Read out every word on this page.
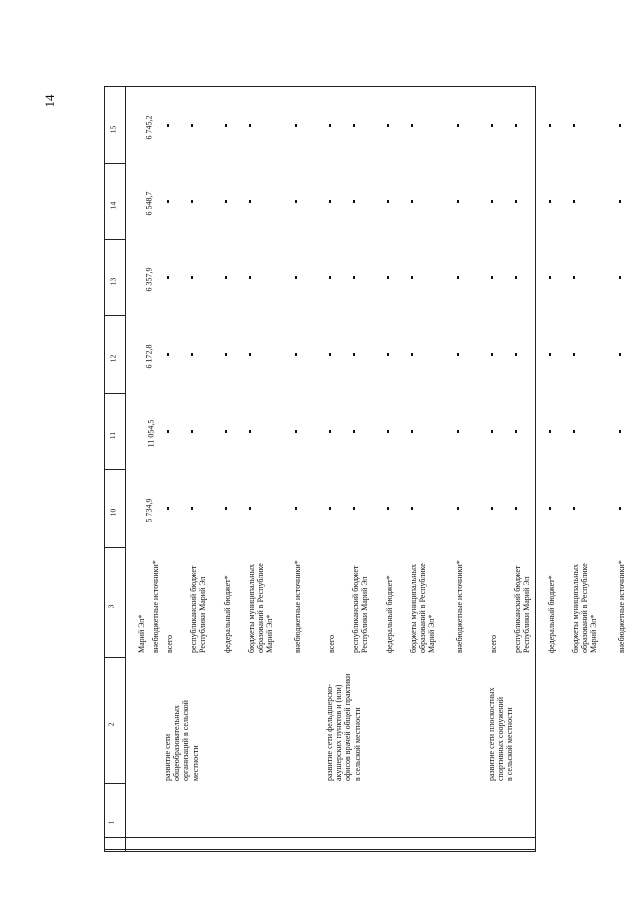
14
1
2
3
10
11
12
13
14
15
Марий Эл* внебюджетные источники*
5 734,9
11 054,5
6 172,8
6 357,9
6 548,7
6 745,2
развитие сети общеобразовательных организаций в сельской местности
всего республиканский бюджет Республики Марий Эл федеральный бюджет* бюджеты муниципальных образований в Республике Марий Эл* внебюджетные источники*
развитие сети фельдшерско- акушерских пунктов и (или) офисов врачей общей практики в сельской местности
всего республиканский бюджет Республики Марий Эл федеральный бюджет* бюджеты муниципальных образований в Республике Марий Эл* внебюджетные источники*
развитие сети плоскостных спортивных сооружений в сельской местности
всего республиканский бюджет Республики Марий Эл федеральный бюджет* бюджеты муниципальных образований в Республике Марий Эл* внебюджетные источники*
